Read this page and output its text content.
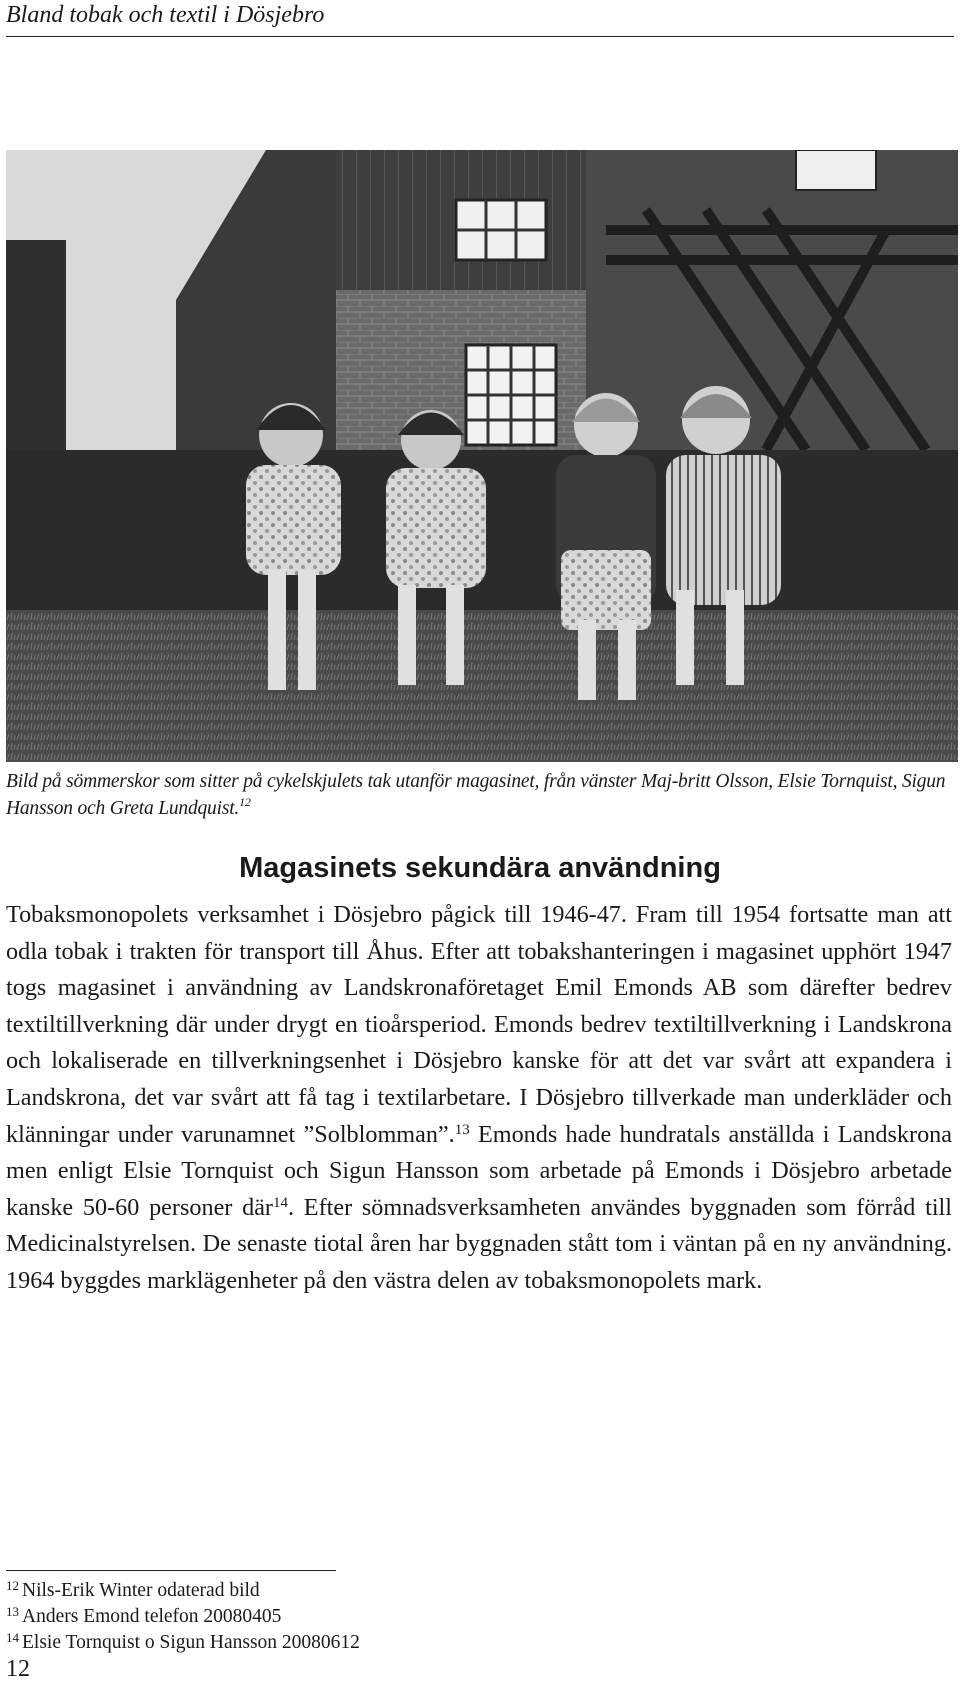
Bland tobak och textil i Dösjebro
Bild på sömmerskor som sitter på cykelskjulets tak utanför magasinet, från vänster Maj-britt Olsson, Elsie Tornquist, Sigun Hansson och Greta Lundquist.$^{12}$
Magasinets sekundära användning

Tobaksmonopolets verksamhet i Dösjebro pågick till 1946-47. Fram till 1954 fortsatte man att odla tobak i trakten för transport till Åhus. Efter att tobakshanteringen i magasinet upphört 1947 togs magasinet i användning av Landskronaföretaget Emil Emonds AB som därefter bedrev textiltillverkning där under drygt en tioårsperiod. Emonds bedrev textiltillverkning i Landskrona och lokaliserade en tillverkningsenhet i Dösjebro kanske för att det var svårt att expandera i Landskrona, det var svårt att få tag i textilarbetare. I Dösjebro tillverkade man underkläder och klänningar under varunamnet ”Solblomman”.$^{13}$ Emonds hade hundratals anställda i Landskrona men enligt Elsie Tornquist och Sigun Hansson som arbetade på Emonds i Dösjebro arbetade kanske 50-60 personer där$^{14}$. Efter sömnadsverksamheten användes byggnaden som förråd till Medicinalstyrelsen. De senaste tiotal åren har byggnaden stått tom i väntan på en ny användning. 1964 byggdes marklägenheter på den västra delen av tobaksmonopolets mark.

$^{12}$ Nils-Erik Winter odaterad bild

$^{13}$ Anders Emond telefon 20080405

$^{14}$ Elsie Tornquist o Sigun Hansson 20080612

12
